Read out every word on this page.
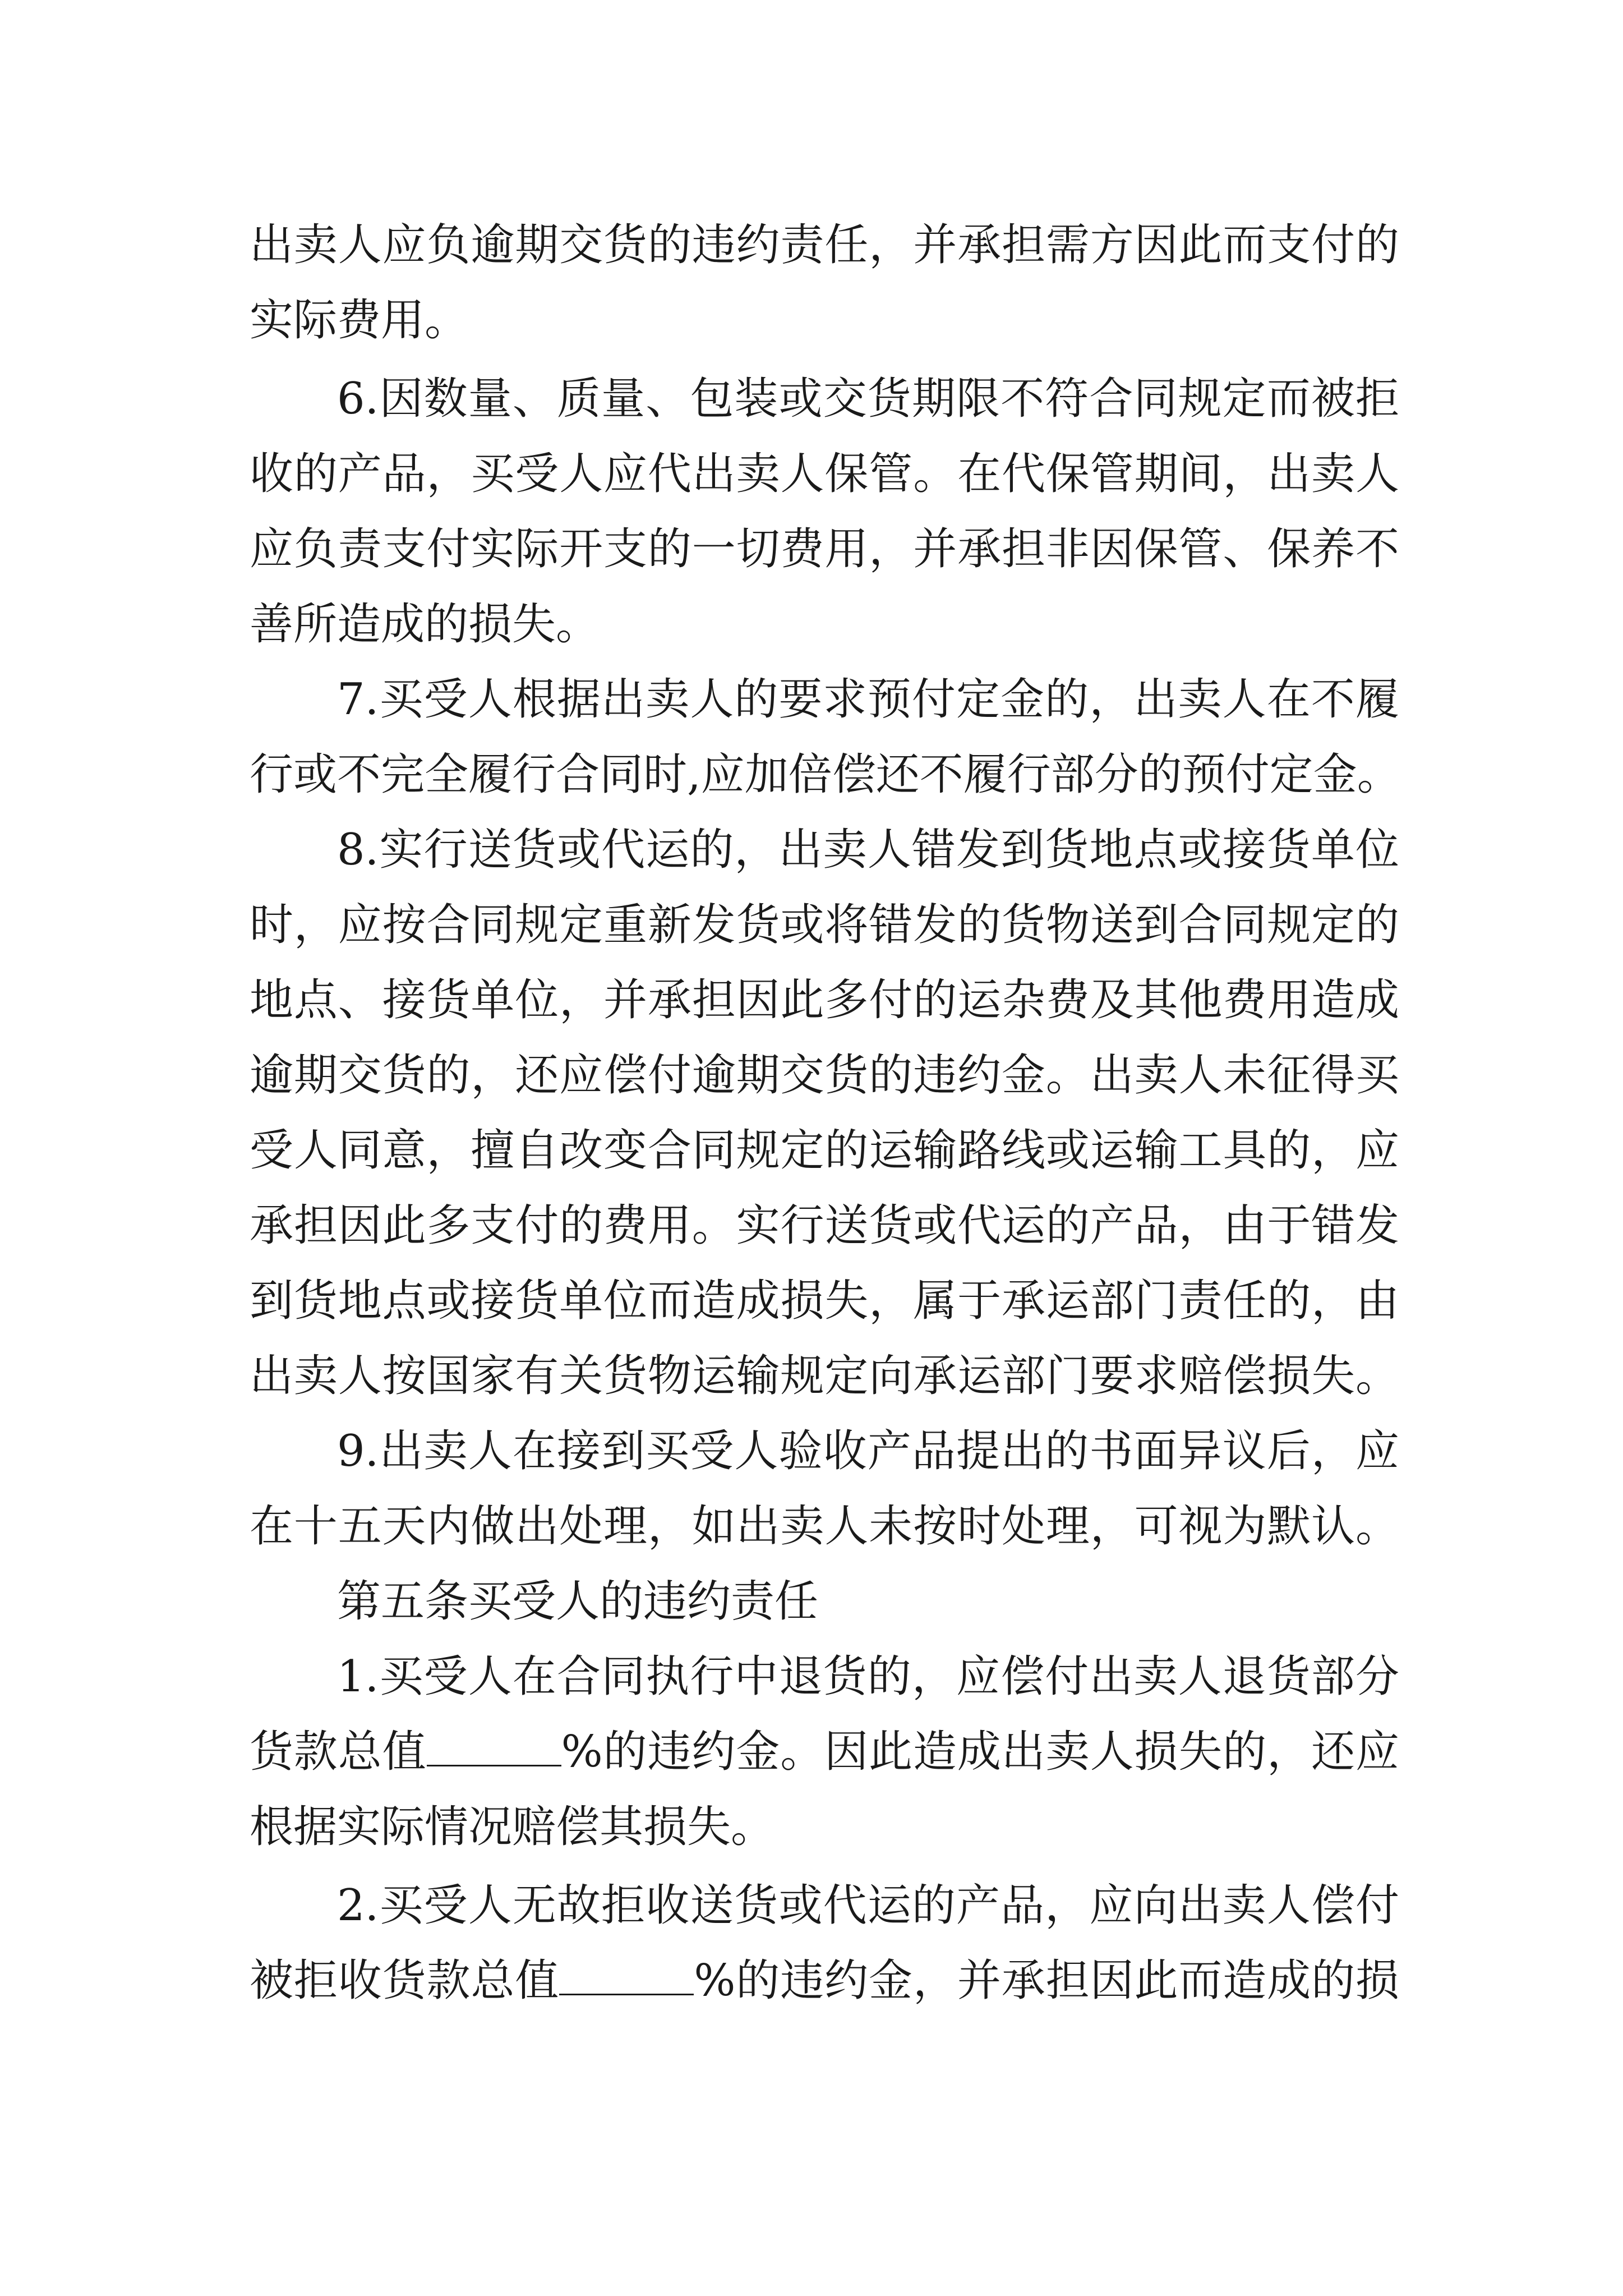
出卖人应负逾期交货的违约责任，并承担需方因此而支付的
实际费用。
6.因数量、质量、包装或交货期限不符合同规定而被拒
收的产品，买受人应代出卖人保管。在代保管期间，出卖人
应负责支付实际开支的一切费用，并承担非因保管、保养不
善所造成的损失。
7.买受人根据出卖人的要求预付定金的，出卖人在不履
行或不完全履行合同时,应加倍偿还不履行部分的预付定金。
8.实行送货或代运的，出卖人错发到货地点或接货单位
时，应按合同规定重新发货或将错发的货物送到合同规定的
地点、接货单位，并承担因此多付的运杂费及其他费用造成
逾期交货的，还应偿付逾期交货的违约金。出卖人未征得买
受人同意，擅自改变合同规定的运输路线或运输工具的，应
承担因此多支付的费用。实行送货或代运的产品，由于错发
到货地点或接货单位而造成损失，属于承运部门责任的，由
出卖人按国家有关货物运输规定向承运部门要求赔偿损失。
9.出卖人在接到买受人验收产品提出的书面异议后，应
在十五天内做出处理，如出卖人未按时处理，可视为默认。
第五条买受人的违约责任
1.买受人在合同执行中退货的，应偿付出卖人退货部分
货款总值	%的违约金。因此造成出卖人损失的，还应
根据实际情况赔偿其损失。
2.买受人无故拒收送货或代运的产品，应向出卖人偿付
被拒收货款总值	%的违约金，并承担因此而造成的损
